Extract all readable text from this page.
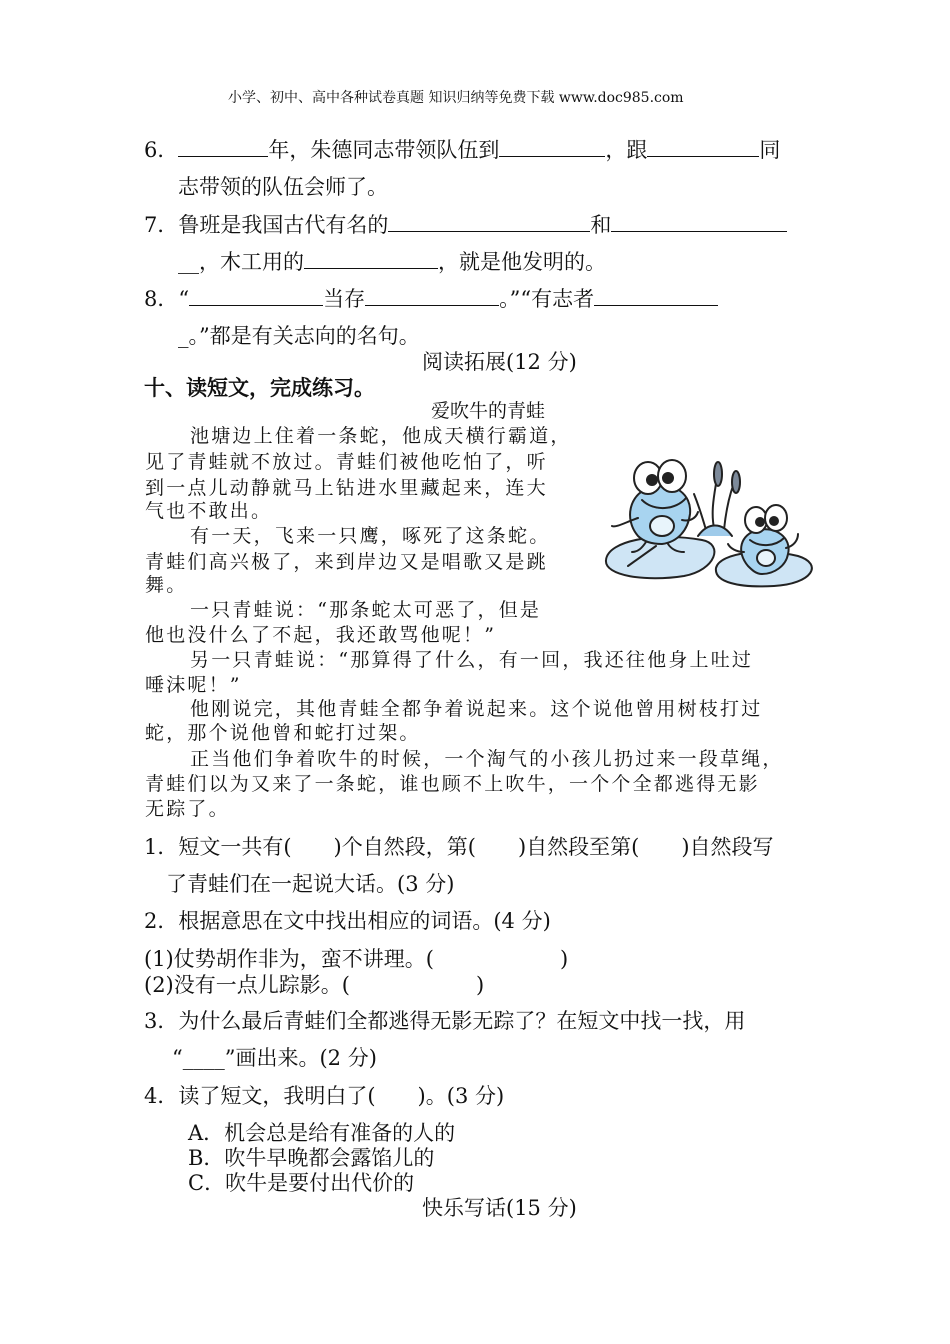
小学、初中、高中各种试卷真题 知识归纳等免费下载 www.doc985.com
6．	年，朱德同志带领队伍到	，跟	同
志带领的队伍会师了。
7．鲁班是我国古代有名的	和
__，木工用的	，就是他发明的。
8．“	当存	。”“有志者
_。”都是有关志向的名句。
阅读拓展(12 分)
十、读短文，完成练习。
爱吹牛的青蛙
池塘边上住着一条蛇，他成天横行霸道，
见了青蛙就不放过。青蛙们被他吃怕了，听
到一点儿动静就马上钻进水里藏起来，连大
气也不敢出。
有一天，飞来一只鹰，啄死了这条蛇。
青蛙们高兴极了，来到岸边又是唱歌又是跳
舞。
一只青蛙说：“那条蛇太可恶了，但是
他也没什么了不起，我还敢骂他呢！”
另一只青蛙说：“那算得了什么，有一回，我还往他身上吐过
唾沫呢！”
他刚说完，其他青蛙全都争着说起来。这个说他曾用树枝打过
蛇，那个说他曾和蛇打过架。
正当他们争着吹牛的时候，一个淘气的小孩儿扔过来一段草绳，
青蛙们以为又来了一条蛇，谁也顾不上吹牛，一个个全都逃得无影
无踪了。
1．短文一共有(　　)个自然段，第(　　)自然段至第(　　)自然段写
了青蛙们在一起说大话。(3 分)
2．根据意思在文中找出相应的词语。(4 分)
(1)仗势胡作非为，蛮不讲理。(　　　　　　)
(2)没有一点儿踪影。(　　　　　　)
3．为什么最后青蛙们全都逃得无影无踪了？在短文中找一找，用
“____”画出来。(2 分)
4．读了短文，我明白了(　　)。(3 分)
A．机会总是给有准备的人的
B．吹牛早晚都会露馅儿的
C．吹牛是要付出代价的
快乐写话(15 分)
